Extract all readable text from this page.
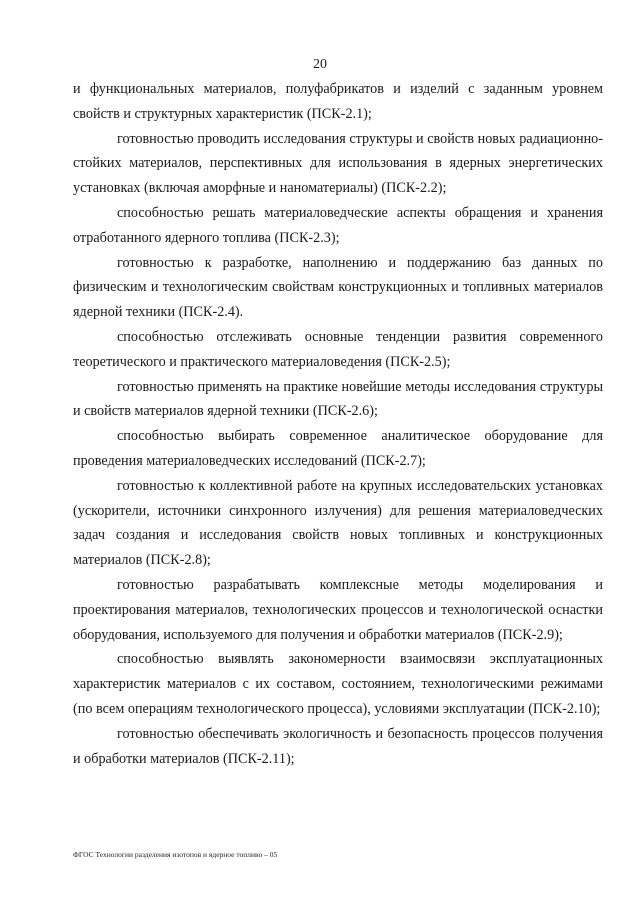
20

и функциональных материалов, полуфабрикатов и изделий с заданным уровнем свойств и структурных характеристик (ПСК-2.1);

готовностью проводить исследования структуры и свойств новых радиационно-стойких материалов, перспективных для использования в ядерных энергетических установках (включая аморфные и наноматериалы) (ПСК-2.2);

способностью решать материаловедческие аспекты обращения и хранения отработанного ядерного топлива (ПСК-2.3);

готовностью к разработке, наполнению и поддержанию баз данных по физическим и технологическим свойствам конструкционных и топливных материалов ядерной техники (ПСК-2.4).

способностью отслеживать основные тенденции развития современного теоретического и практического материаловедения (ПСК-2.5);

готовностью применять на практике новейшие методы исследования структуры и свойств материалов ядерной техники (ПСК-2.6);

способностью выбирать современное аналитическое оборудование для проведения материаловедческих исследований (ПСК-2.7);

готовностью к коллективной работе на крупных исследовательских установках (ускорители, источники синхронного излучения) для решения материаловедческих задач создания и исследования свойств новых топливных и конструкционных материалов (ПСК-2.8);

готовностью разрабатывать комплексные методы моделирования и проектирования материалов, технологических процессов и технологической оснастки оборудования, используемого для получения и обработки материалов (ПСК-2.9);

способностью выявлять закономерности взаимосвязи эксплуатационных характеристик материалов с их составом, состоянием, технологическими режимами (по всем операциям технологического процесса), условиями эксплуатации (ПСК-2.10);

готовностью обеспечивать экологичность и безопасность процессов получения и обработки материалов (ПСК-2.11);

ФГОС Технологии разделения изотопов и ядерное топливо – 05
